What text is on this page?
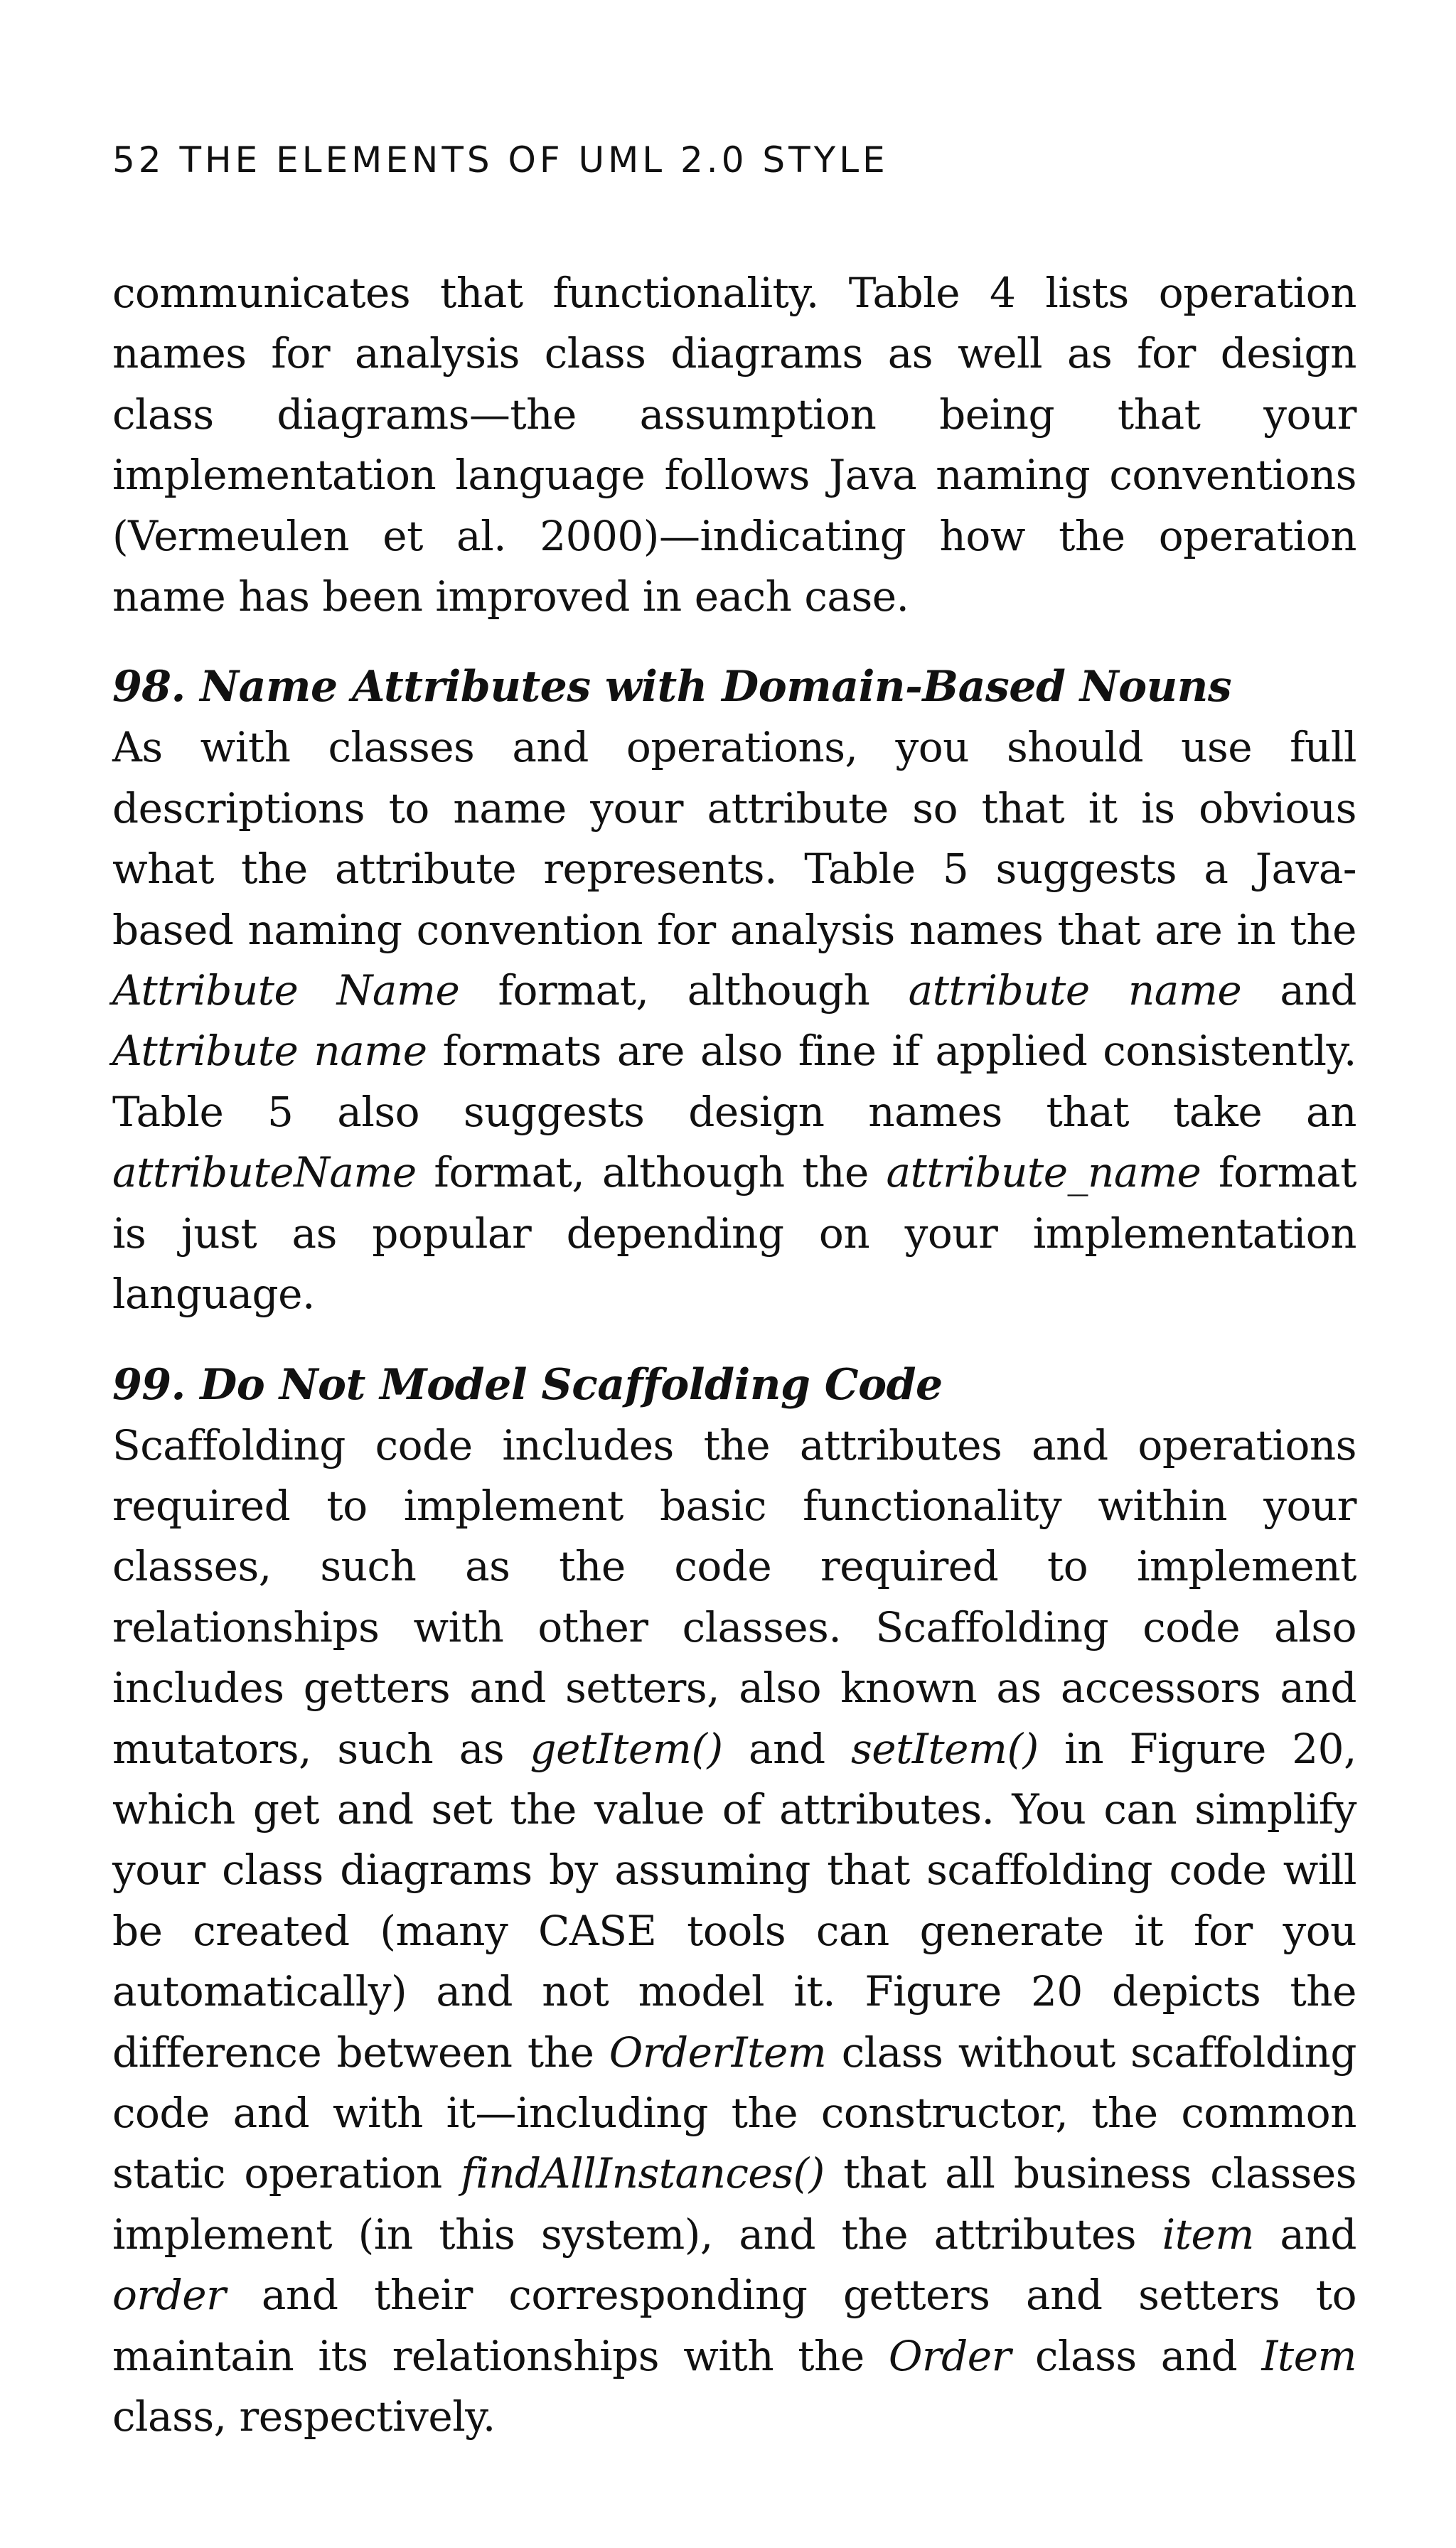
52 THE ELEMENTS OF UML 2.0 STYLE

communicates that functionality. Table 4 lists operation names for analysis class diagrams as well as for design class diagrams—the assumption being that your implementation language follows Java naming conventions (Vermeulen et al. 2000)—indicating how the operation name has been improved in each case.

98. Name Attributes with Domain-Based Nouns

As with classes and operations, you should use full descriptions to name your attribute so that it is obvious what the attribute represents. Table 5 suggests a Java-based naming convention for analysis names that are in the Attribute Name format, although attribute name and Attribute name formats are also fine if applied consistently. Table 5 also suggests design names that take an attributeName format, although the attribute_name format is just as popular depending on your implementation language.

99. Do Not Model Scaffolding Code

Scaffolding code includes the attributes and operations required to implement basic functionality within your classes, such as the code required to implement relationships with other classes. Scaffolding code also includes getters and setters, also known as accessors and mutators, such as getItem() and setItem() in Figure 20, which get and set the value of attributes. You can simplify your class diagrams by assuming that scaffolding code will be created (many CASE tools can generate it for you automatically) and not model it. Figure 20 depicts the difference between the OrderItem class without scaffolding code and with it—including the constructor, the common static operation findAllInstances() that all business classes implement (in this system), and the attributes item and order and their corresponding getters and setters to maintain its relationships with the Order class and Item class, respectively.
